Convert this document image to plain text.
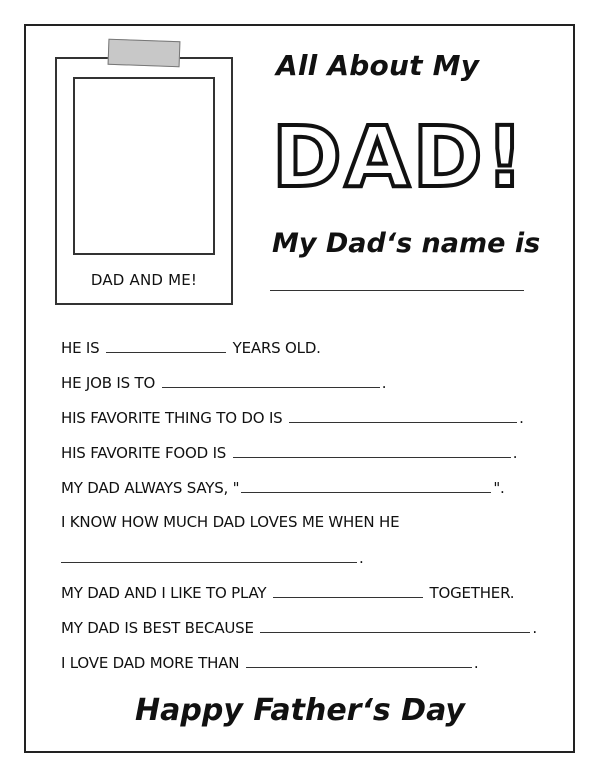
DAD AND ME!
All About My
DAD!
My Dad‘s name is
HE IS	YEARS OLD.
HE JOB IS TO	.
HIS FAVORITE THING TO DO IS	.
HIS FAVORITE FOOD IS	.
MY DAD ALWAYS SAYS, "	".
I KNOW HOW MUCH DAD LOVES ME WHEN HE
.
MY DAD AND I LIKE TO PLAY	TOGETHER.
MY DAD IS BEST BECAUSE	.
I LOVE DAD MORE THAN	.
Happy Father‘s Day
